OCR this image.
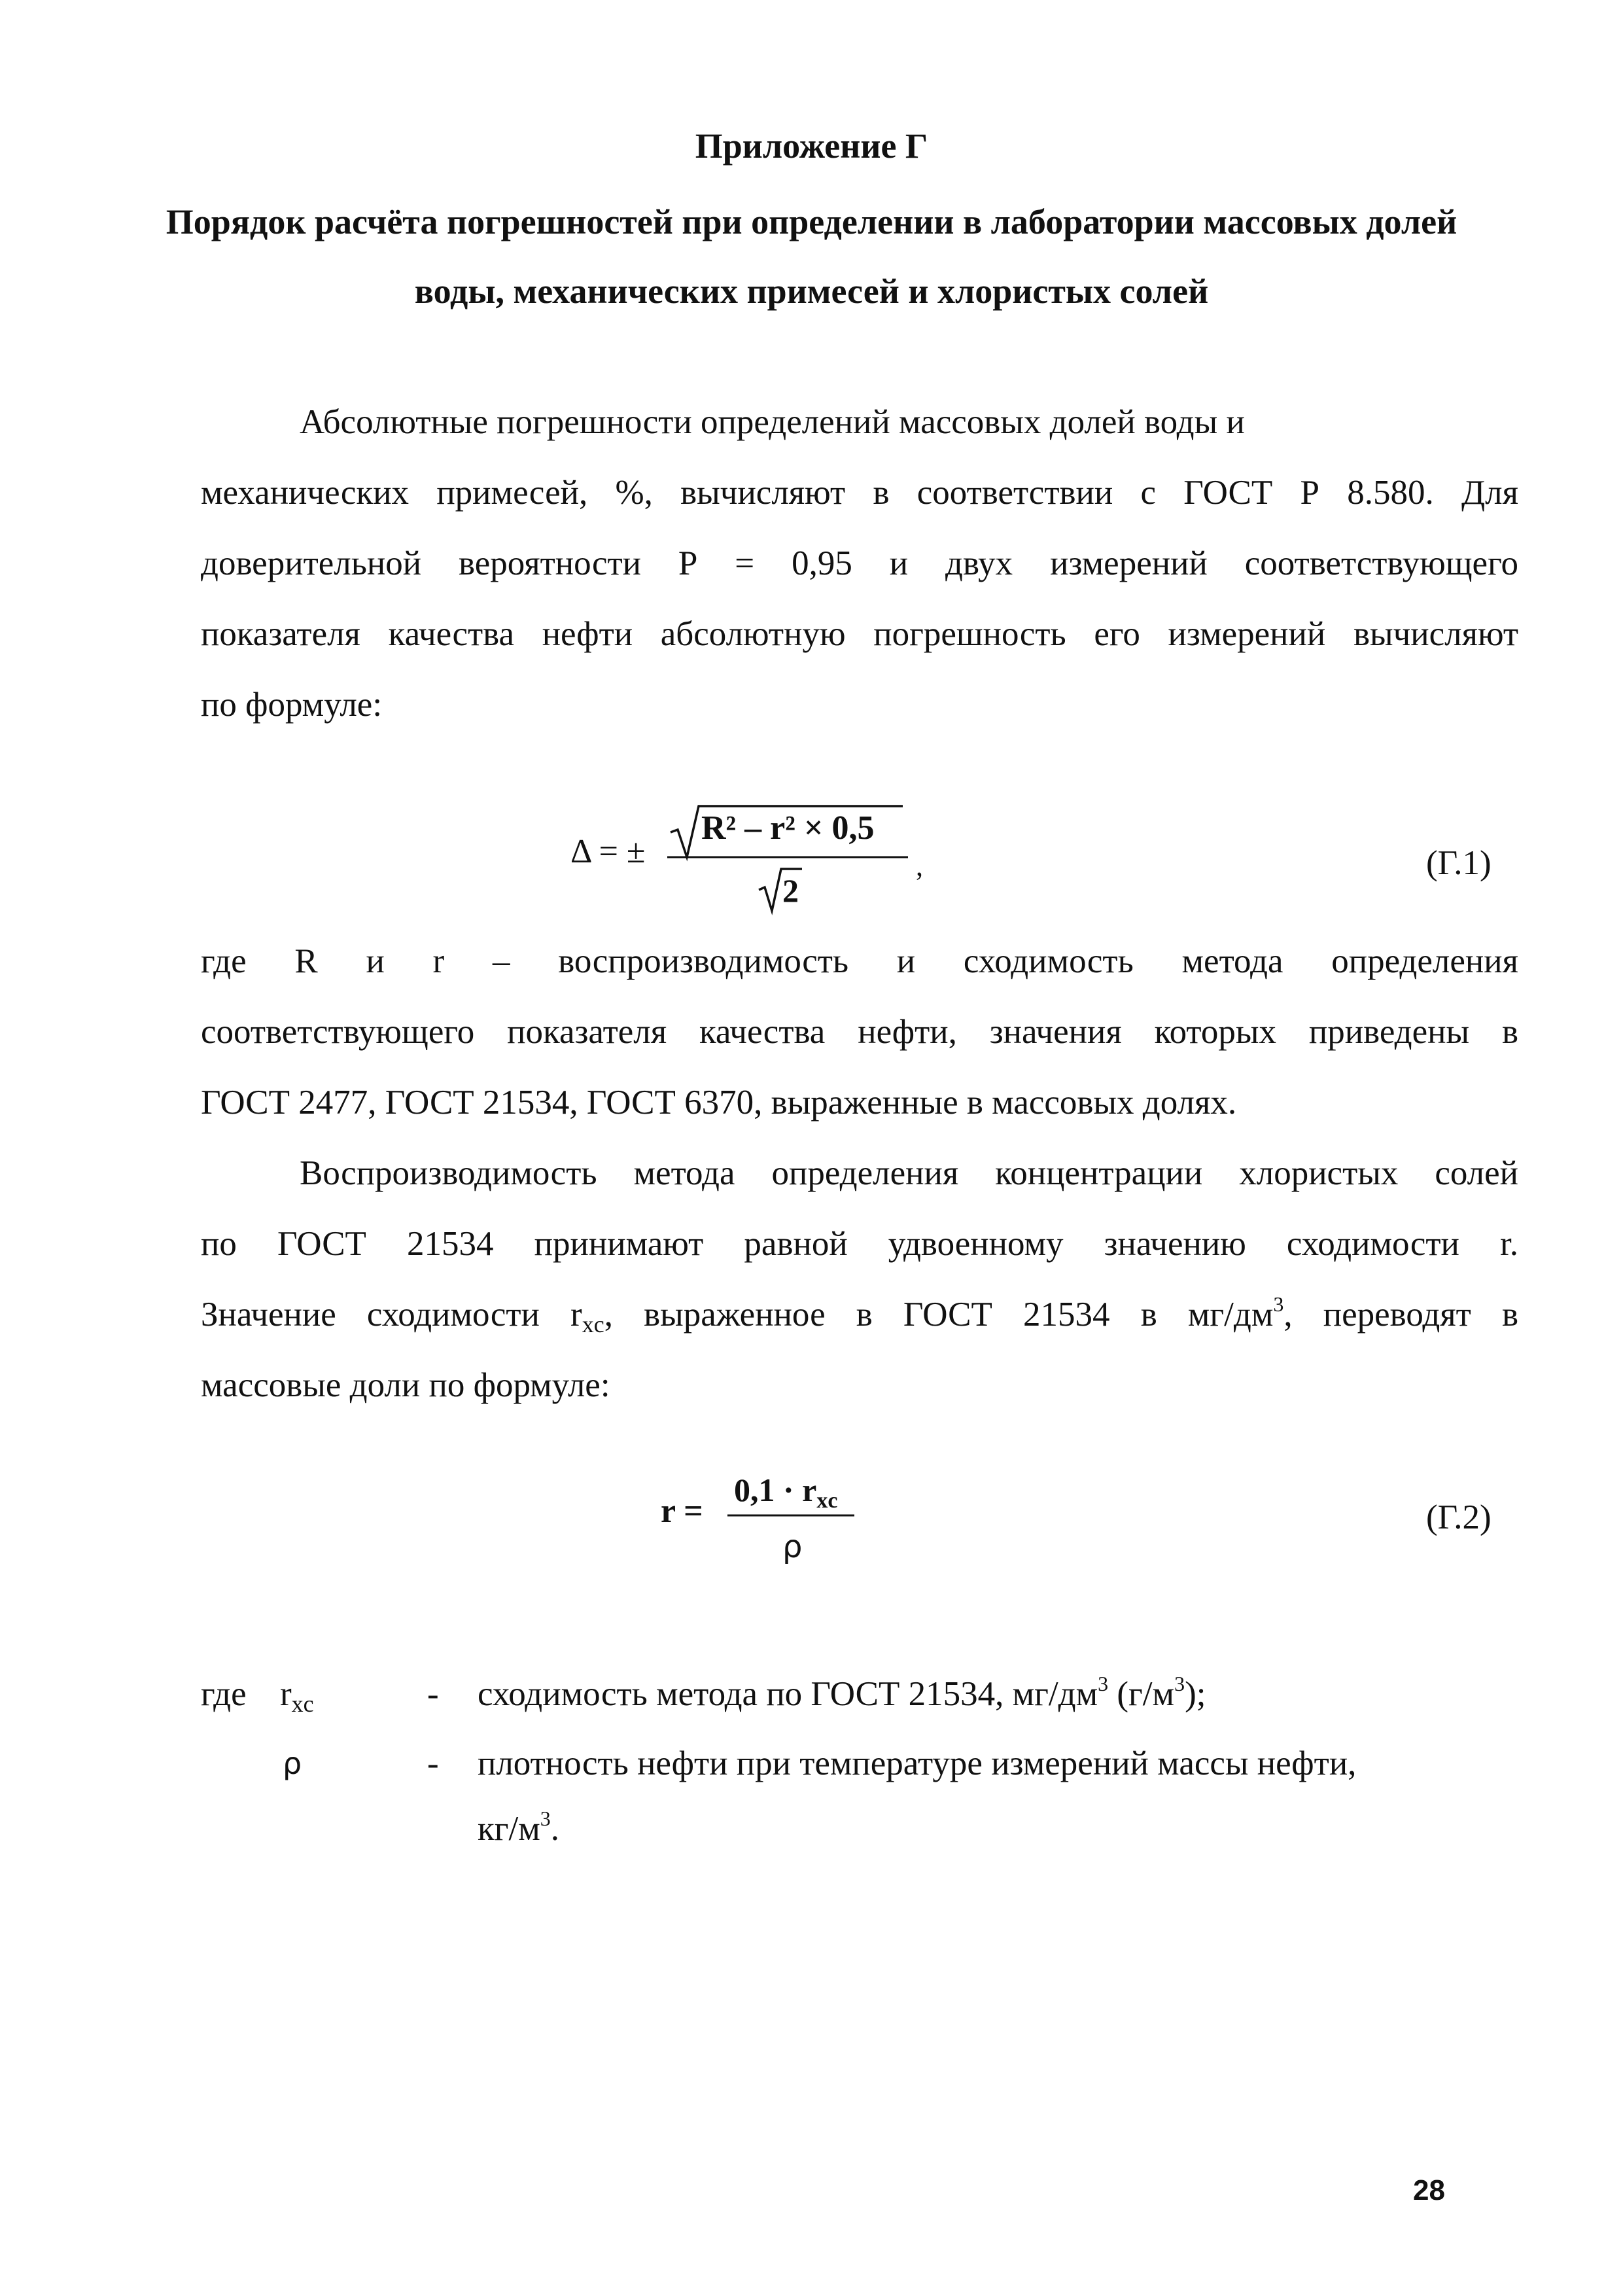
Приложение Г
Порядок расчёта погрешностей при определении в лаборатории массовых долей
воды, механических примесей и хлористых солей
Абсолютные погрешности определений массовых долей воды и
механических примесей, %, вычисляют в соответствии с ГОСТ Р 8.580. Для
доверительной вероятности Р = 0,95 и двух измерений соответствующего
показателя качества нефти абсолютную погрешность его измерений вычисляют
по формуле:
Δ = ±
R² – r² × 0,5
2
,	(Г.1)
где R и r – воспроизводимость и сходимость метода определения
соответствующего показателя качества нефти, значения которых приведены в
ГОСТ 2477, ГОСТ 21534, ГОСТ 6370, выраженные в массовых долях.
Воспроизводимость метода определения концентрации хлористых солей
по ГОСТ 21534 принимают равной удвоенному значению сходимости r.
Значение сходимости $r_{xc}$, выраженное в ГОСТ 21534 в $мг/дм^3$, переводят в
массовые доли по формуле:
r =
$0,1 \cdot r_{xc}$
ρ
(Г.2)
где $r_{xc}$	- сходимость метода по ГОСТ 21534, $мг/дм^3$ $(г/м^3)$;
ρ	- плотность нефти при температуре измерений массы нефти,
$кг/м^3$.
28
